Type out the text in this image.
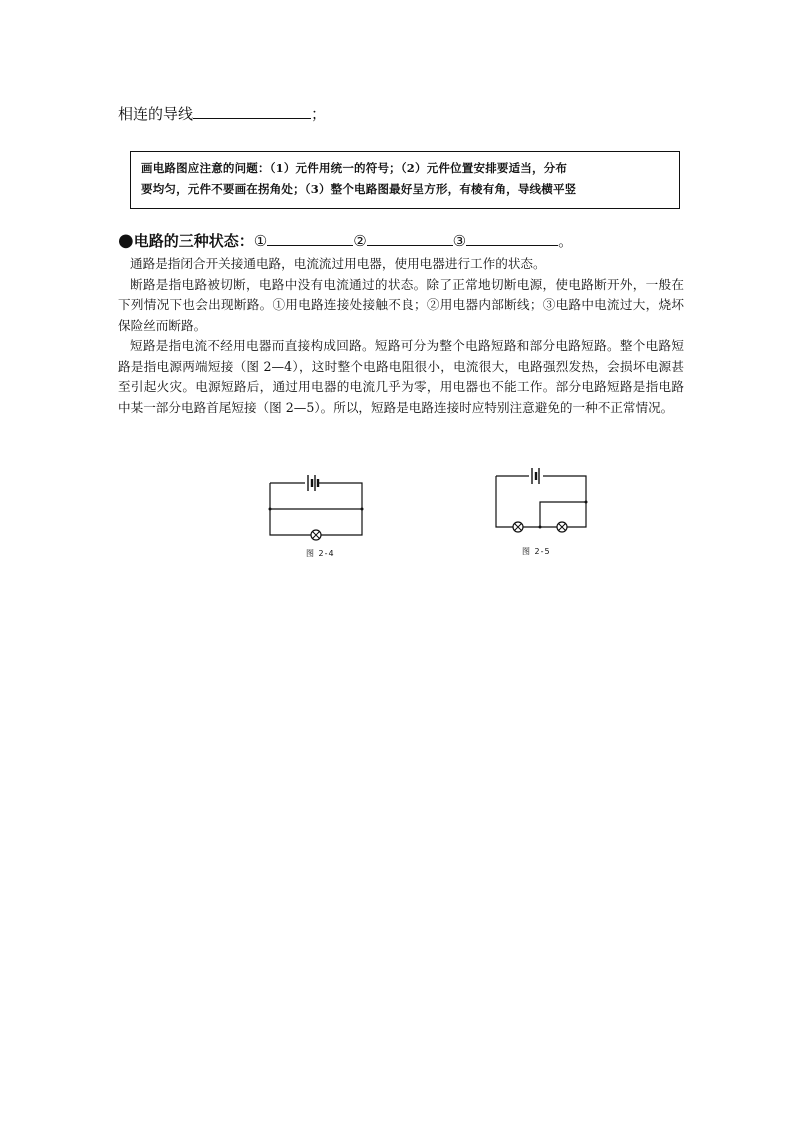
相连的导线	；
画电路图应注意的问题：（1）元件用统一的符号；（2）元件位置安排要适当，分布
要均匀，元件不要画在拐角处；（3）整个电路图最好呈方形，有棱有角，导线横平竖
●电路的三种状态：①	②	③	。

通路是指闭合开关接通电路，电流流过用电器，使用电器进行工作的状态。

断路是指电路被切断，电路中没有电流通过的状态。除了正常地切断电源，使电路断开外，一般在下列情况下也会出现断路。①用电路连接处接触不良；②用电器内部断线；③电路中电流过大，烧坏保险丝而断路。

短路是指电流不经用电器而直接构成回路。短路可分为整个电路短路和部分电路短路。整个电路短路是指电源两端短接（图 2—4），这时整个电路电阻很小，电流很大，电路强烈发热，会损坏电源甚至引起火灾。电源短路后，通过用电器的电流几乎为零，用电器也不能工作。部分电路短路是指电路中某一部分电路首尾短接（图 2—5）。所以，短路是电路连接时应特别注意避免的一种不正常情况。

图 2-4	图 2-5
